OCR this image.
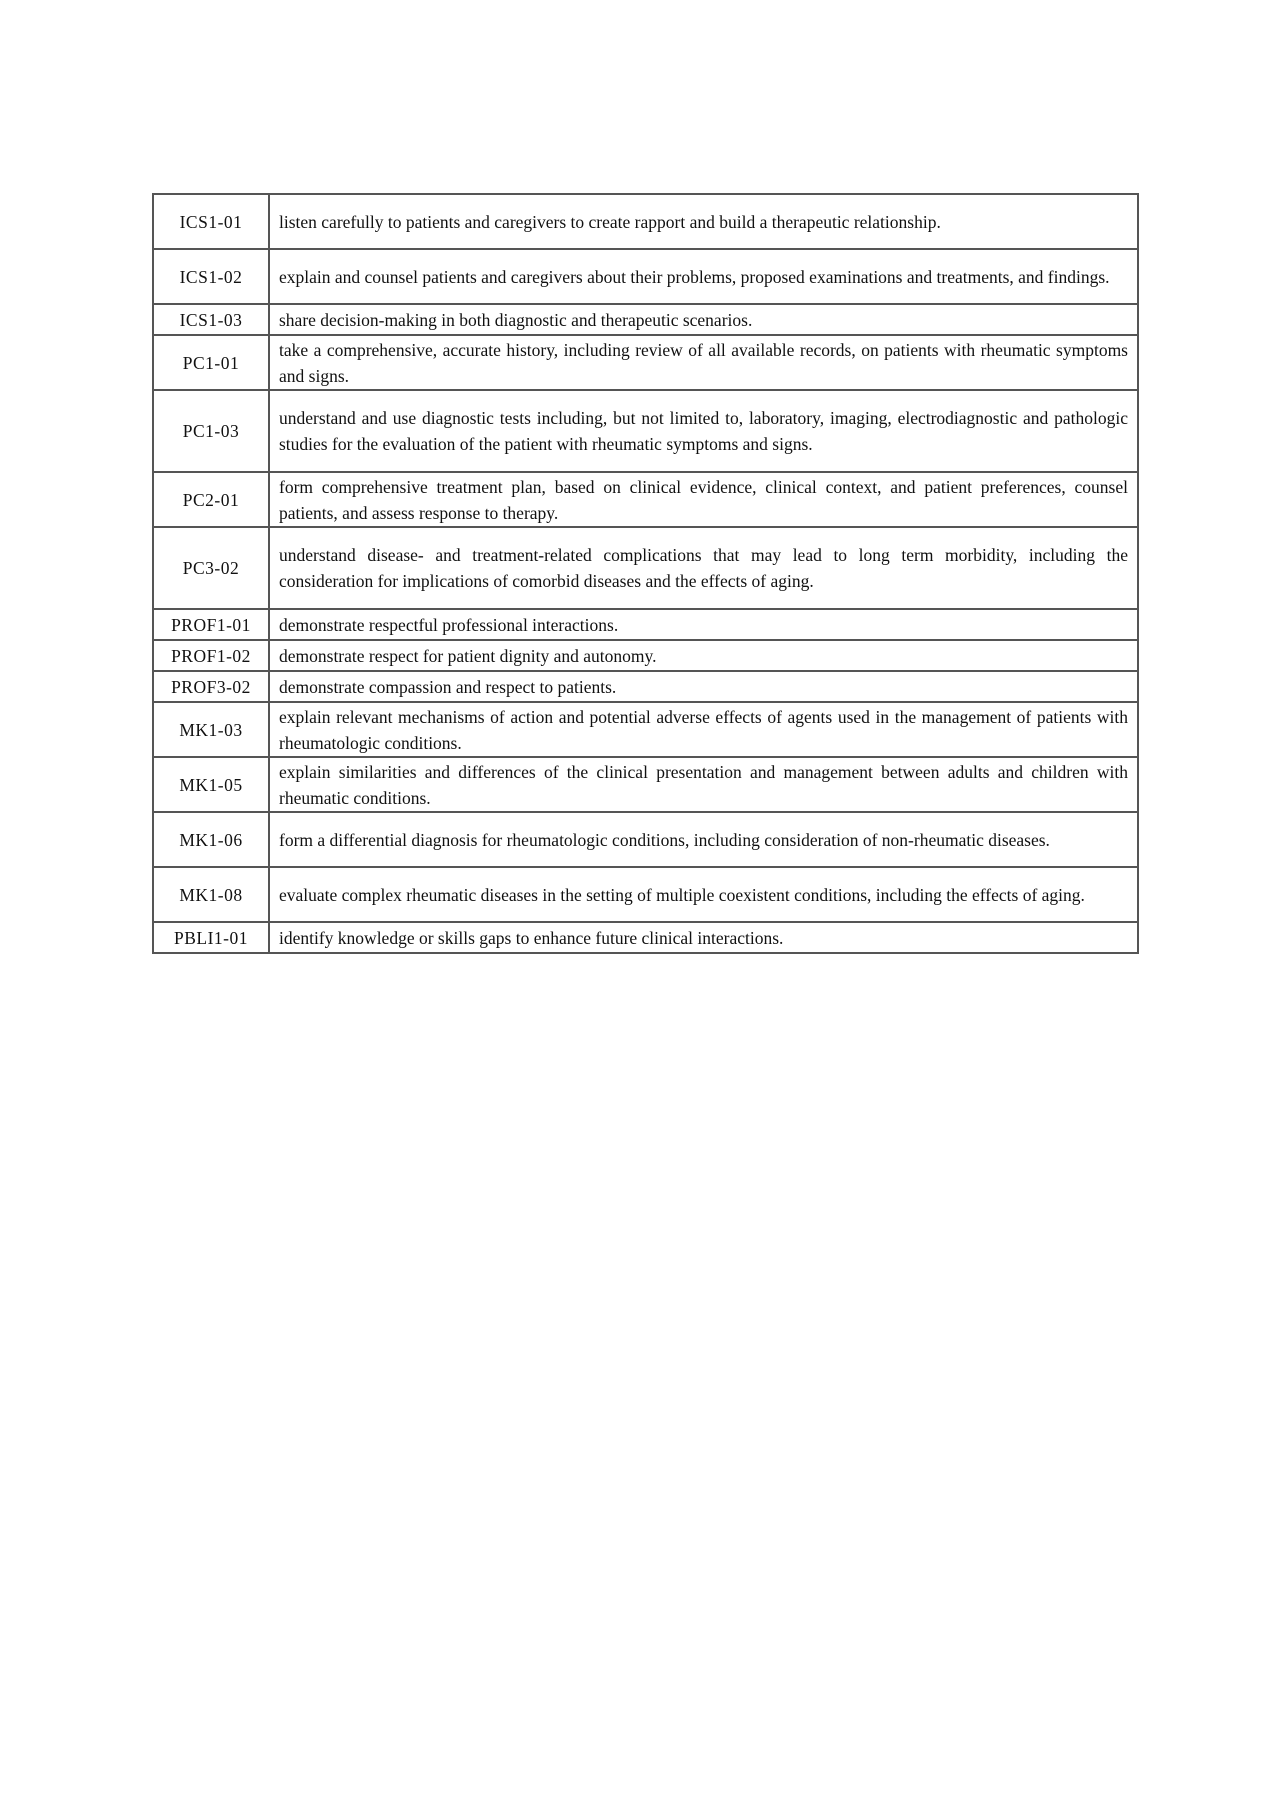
ICS1-01	listen carefully to patients and caregivers to create rapport and build a therapeutic relationship.
ICS1-02	explain and counsel patients and caregivers about their problems, proposed examinations and treatments, and findings.
ICS1-03	share decision-making in both diagnostic and therapeutic scenarios.
PC1-01	take a comprehensive, accurate history, including review of all available records, on patients with rheumatic symptoms and signs.
PC1-03	understand and use diagnostic tests including, but not limited to, laboratory, imaging, electrodiagnostic and pathologic studies for the evaluation of the patient with rheumatic symptoms and signs.
PC2-01	form comprehensive treatment plan, based on clinical evidence, clinical context, and patient preferences, counsel patients, and assess response to therapy.
PC3-02	understand disease- and treatment-related complications that may lead to long term morbidity, including the consideration for implications of comorbid diseases and the effects of aging.
PROF1-01	demonstrate respectful professional interactions.
PROF1-02	demonstrate respect for patient dignity and autonomy.
PROF3-02	demonstrate compassion and respect to patients.
MK1-03	explain relevant mechanisms of action and potential adverse effects of agents used in the management of patients with rheumatologic conditions.
MK1-05	explain similarities and differences of the clinical presentation and management between adults and children with rheumatic conditions.
MK1-06	form a differential diagnosis for rheumatologic conditions, including consideration of non-rheumatic diseases.
MK1-08	evaluate complex rheumatic diseases in the setting of multiple coexistent conditions, including the effects of aging.
PBLI1-01	identify knowledge or skills gaps to enhance future clinical interactions.
